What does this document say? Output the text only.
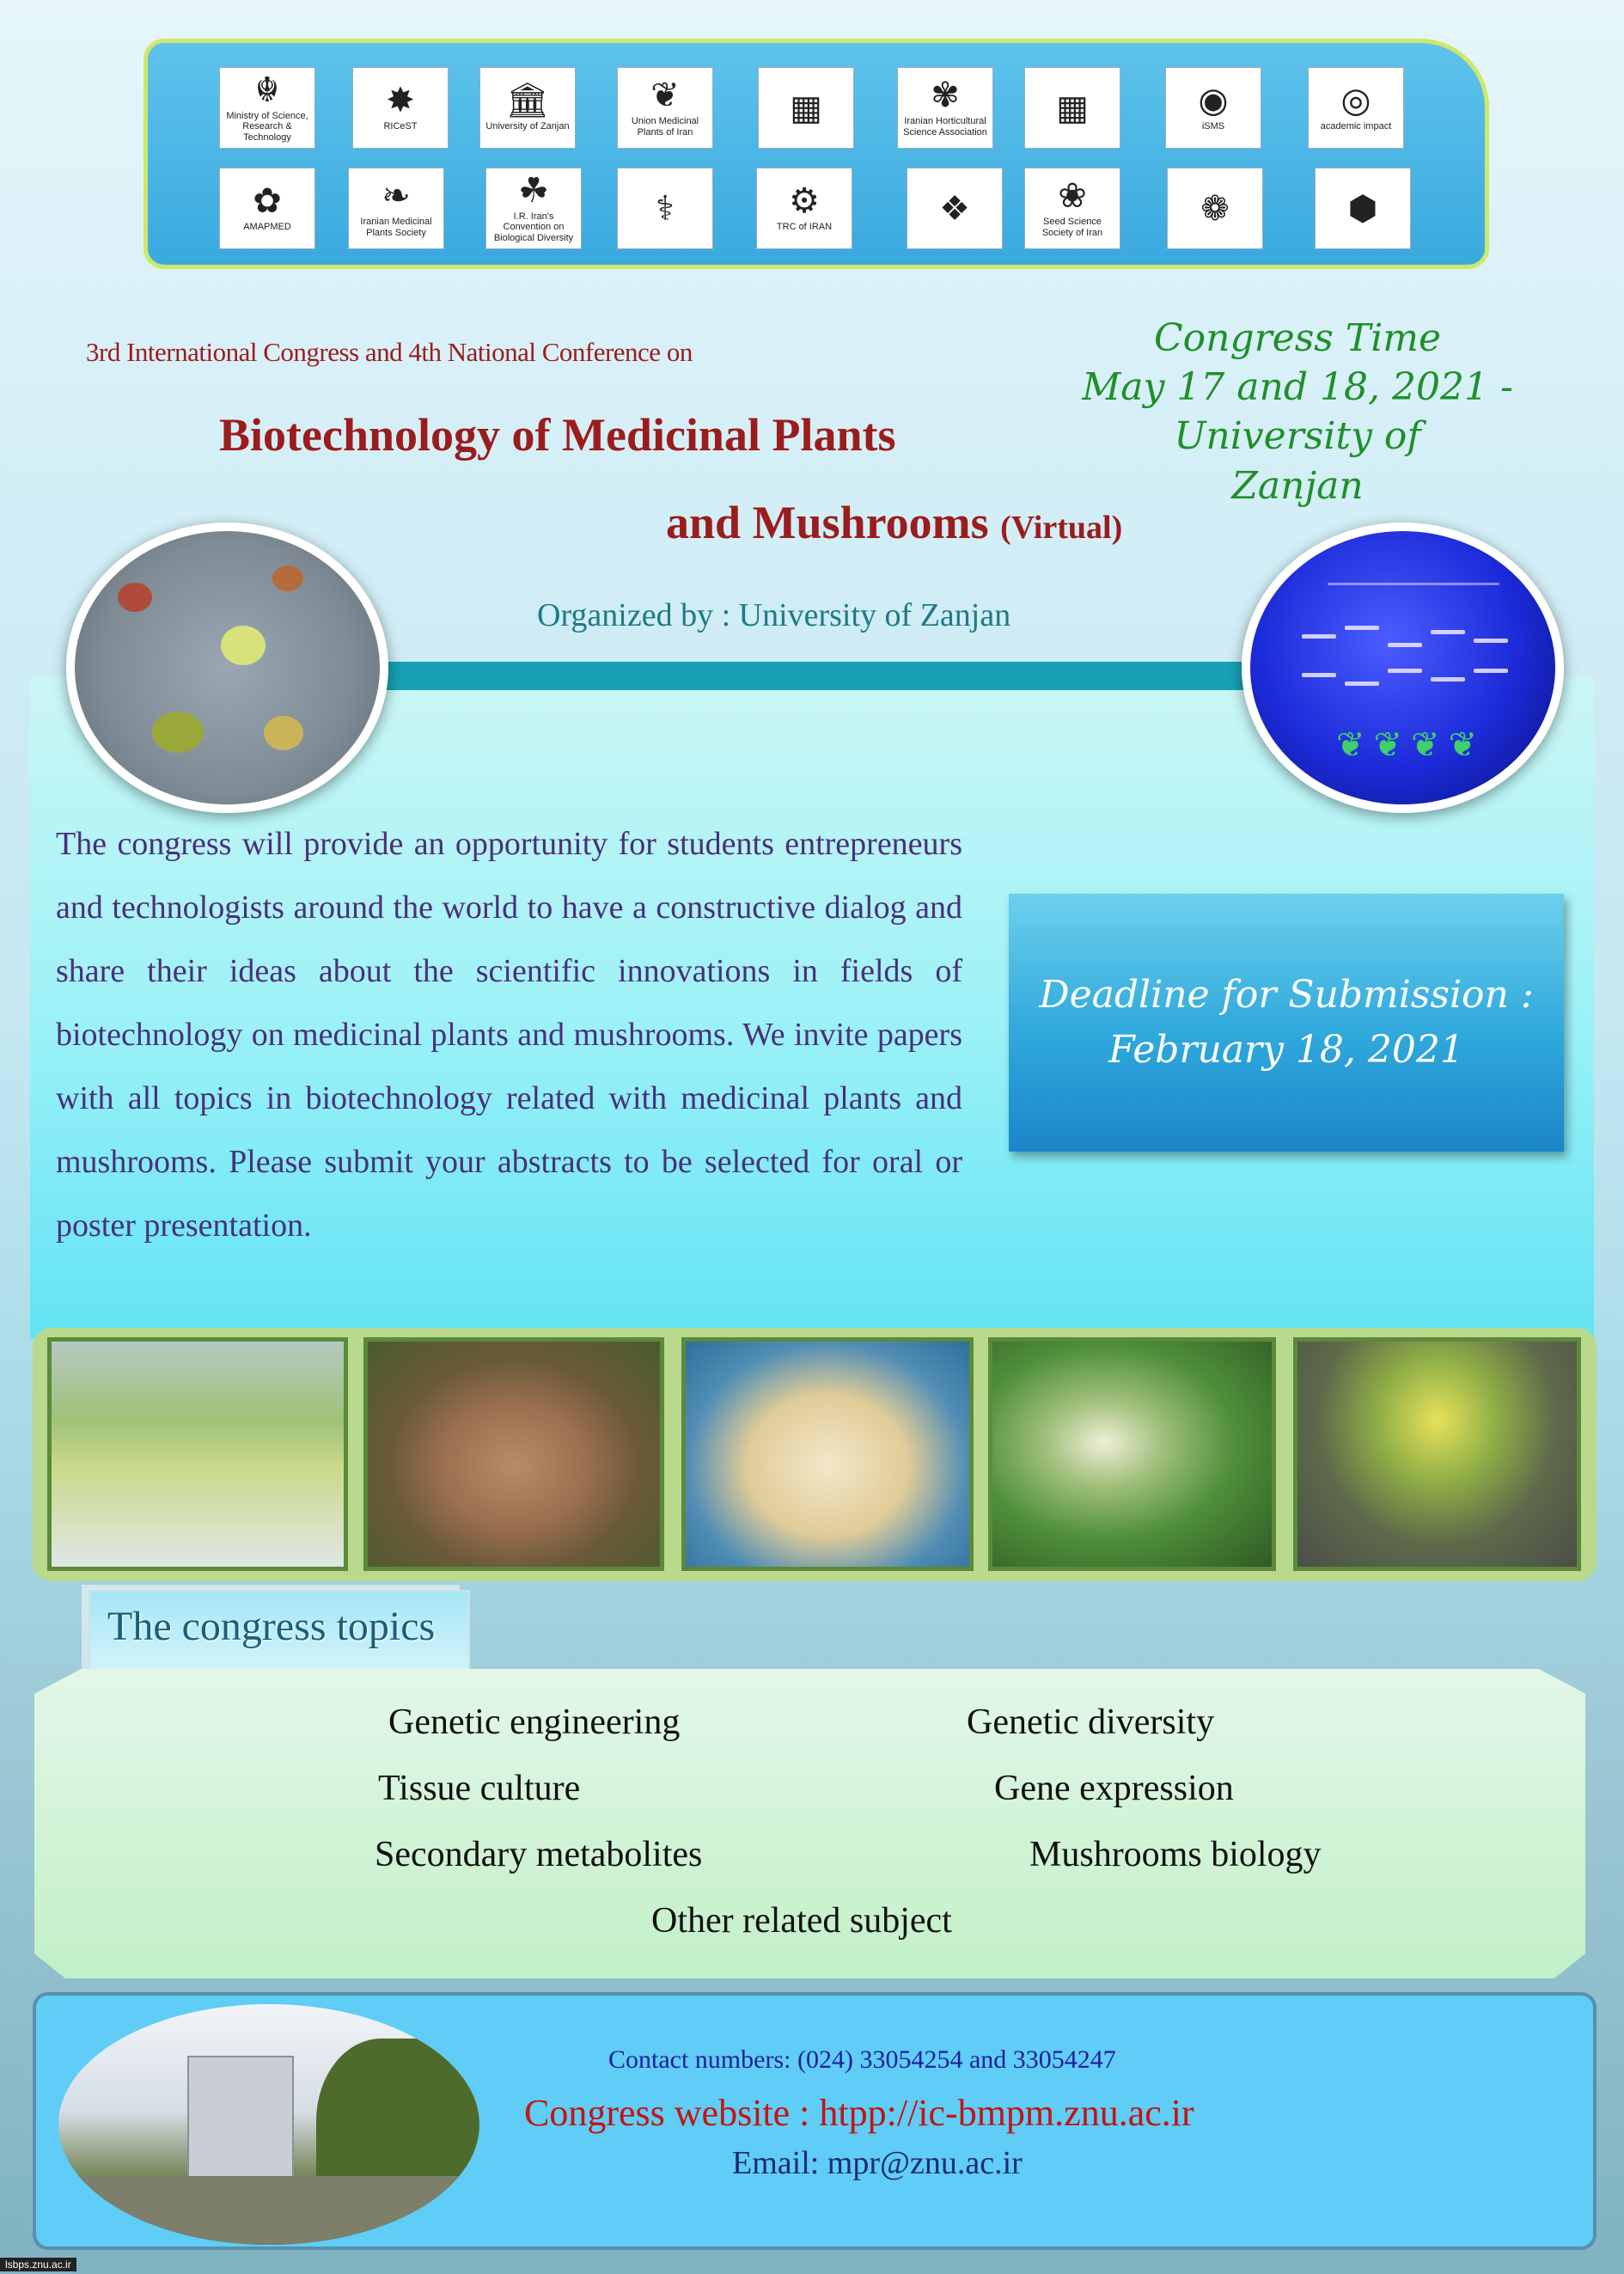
☬
Ministry of Science, Research & Technology
✸
RICeST
🏛
University of Zanjan
❦
Union Medicinal Plants of Iran
▦	✾
Iranian Horticultural Science Association
▦	◉
iSMS
◎
academic impact
✿
AMAPMED
❧
Iranian Medicinal Plants Society
☘
I.R. Iran's Convention on Biological Diversity
⚕	⚙
TRC of IRAN	❖	❀
Seed Science Society of Iran
❁	⬢
3rd International Congress and 4th National Conference on
Biotechnology of Medicinal Plants
and Mushrooms (Virtual)
Congress Time
May 17 and 18, 2021 - University of
Zanjan
Organized by : University of Zanjan
❦ ❦ ❦ ❦
The congress will provide an opportunity for students entrepreneurs and technologists around the world to have a constructive dialog and share their ideas about the scientific innovations in fields of biotechnology on medicinal plants and mushrooms. We invite papers with all topics in biotechnology related with medicinal plants and mushrooms. Please submit your abstracts to be selected for oral or poster presentation.
Deadline for Submission :
February 18, 2021
The congress topics
Genetic engineering	Genetic diversity
Tissue culture	Gene expression
Secondary metabolites	Mushrooms biology
Other related subject
Contact numbers: (024) 33054254 and 33054247
Congress website : htpp://ic-bmpm.znu.ac.ir
Email: mpr@znu.ac.ir
lsbps.znu.ac.ir
